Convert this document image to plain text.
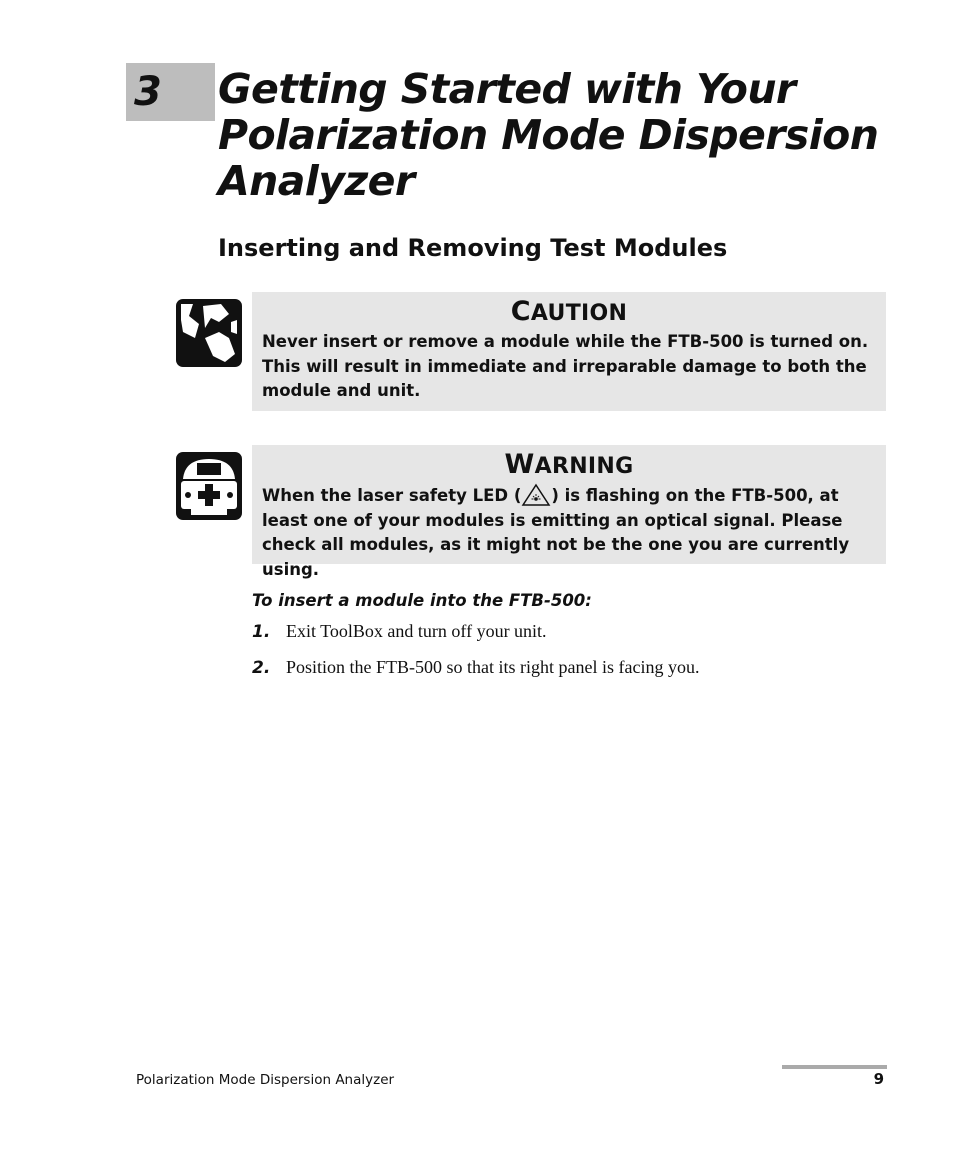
3 Getting Started with Your Polarization Mode Dispersion Analyzer
Inserting and Removing Test Modules
CAUTION
Never insert or remove a module while the FTB-500 is turned on. This will result in immediate and irreparable damage to both the module and unit.
WARNING
When the laser safety LED ( ) is flashing on the FTB-500, at least one of your modules is emitting an optical signal. Please check all modules, as it might not be the one you are currently using.
To insert a module into the FTB-500:
1. Exit ToolBox and turn off your unit.
2. Position the FTB-500 so that its right panel is facing you.
Polarization Mode Dispersion Analyzer	9
